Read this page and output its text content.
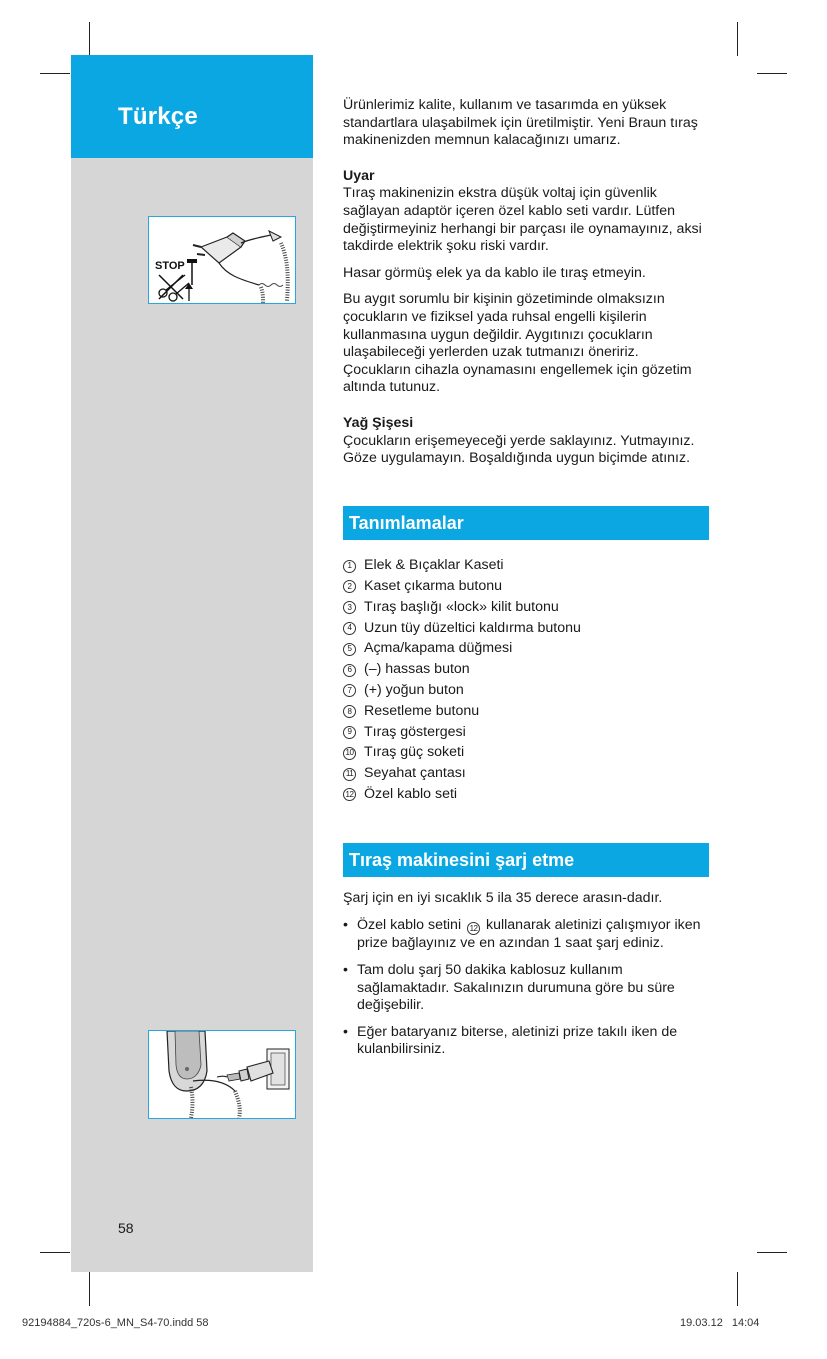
Türkçe
STOP
58

Ürünlerimiz kalite, kullanım ve tasarımda en yüksek standartlara ulaşabilmek için üretilmiştir. Yeni Braun tıraş makinenizden memnun kalacağınızı umarız.

Uyar

Tıraş makinenizin ekstra düşük voltaj için güvenlik sağlayan adaptör içeren özel kablo seti vardır. Lütfen değiştirmeyiniz herhangi bir parçası ile oynamayınız, aksi takdirde elektrik şoku riski vardır.

Hasar görmüş elek ya da kablo ile tıraş etmeyin.

Bu aygıt sorumlu bir kişinin gözetiminde olmaksızın çocukların ve fiziksel yada ruhsal engelli kişilerin kullanmasına uygun değildir. Aygıtınızı çocukların ulaşabileceği yerlerden uzak tutmanızı öneririz. Çocukların cihazla oynamasını engellemek için gözetim altında tutunuz.

Yağ Şişesi

Çocukların erişemeyeceği yerde saklayınız. Yutmayınız. Göze uygulamayın. Boşaldığında uygun biçimde atınız.

Tanımlamalar
1 Elek & Bıçaklar Kaseti
2 Kaset çıkarma butonu
3 Tıraş başlığı «lock» kilit butonu
4 Uzun tüy düzeltici kaldırma butonu
5 Açma/kapama düğmesi
6 (–) hassas buton
7 (+) yoğun buton
8 Resetleme butonu
9 Tıraş göstergesi
10 Tıraş güç soketi
11 Seyahat çantası
12 Özel kablo seti
Tıraş makinesini şarj etme

Şarj için en iyi sıcaklık 5 ila 35 derece arasın-dadır.

• Özel kablo setini 12 kullanarak aletinizi çalışmıyor iken prize bağlayınız ve en azından 1 saat şarj ediniz.

• Tam dolu şarj 50 dakika kablosuz kullanım sağlamaktadır. Sakalınızın durumuna göre bu süre değişebilir.

• Eğer bataryanız biterse, aletinizi prize takılı iken de kulanbilirsiniz.

92194884_720s-6_MN_S4-70.indd 58	19.03.12 14:04
